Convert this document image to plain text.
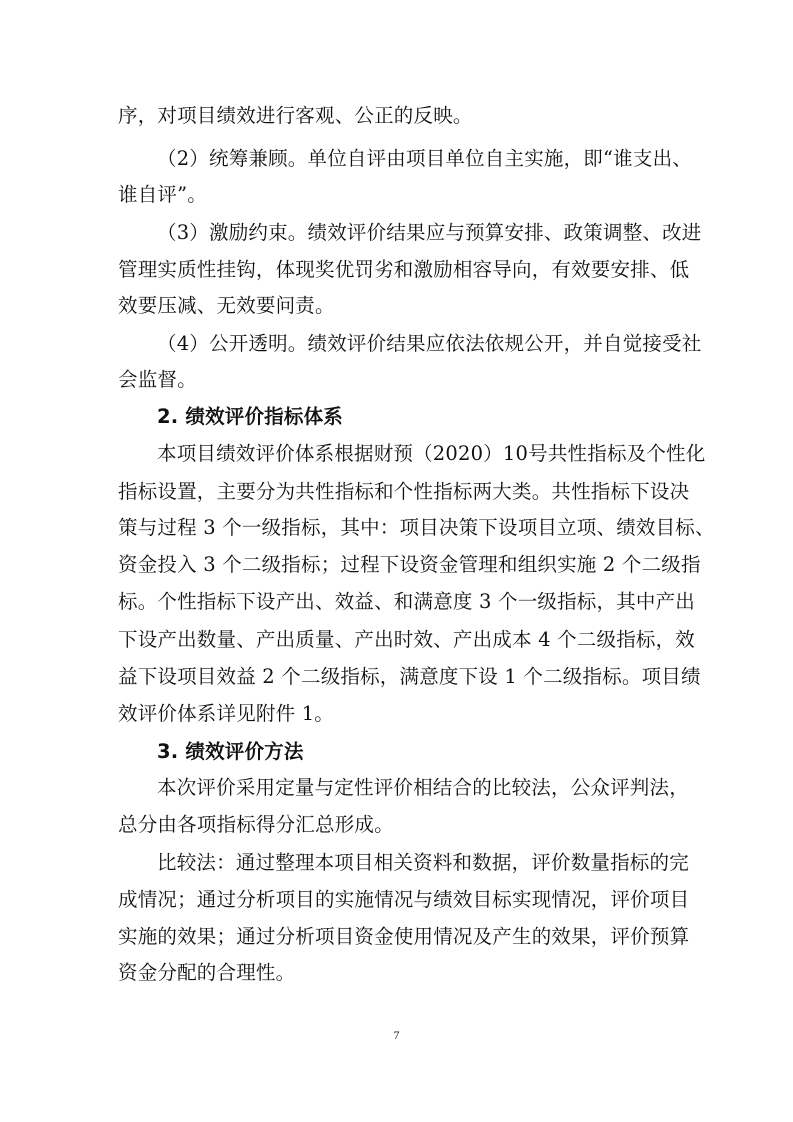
序，对项目绩效进行客观、公正的反映。
（2）统筹兼顾。单位自评由项目单位自主实施，即“谁支出、
谁自评”。
（3）激励约束。绩效评价结果应与预算安排、政策调整、改进
管理实质性挂钩，体现奖优罚劣和激励相容导向，有效要安排、低
效要压减、无效要问责。
（4）公开透明。绩效评价结果应依法依规公开，并自觉接受社
会监督。
2. 绩效评价指标体系
本项目绩效评价体系根据财预（2020）10号共性指标及个性化
指标设置，主要分为共性指标和个性指标两大类。共性指标下设决
策与过程 3 个一级指标，其中：项目决策下设项目立项、绩效目标、
资金投入 3 个二级指标；过程下设资金管理和组织实施 2 个二级指
标。个性指标下设产出、效益、和满意度 3 个一级指标，其中产出
下设产出数量、产出质量、产出时效、产出成本 4 个二级指标，效
益下设项目效益 2 个二级指标，满意度下设 1 个二级指标。项目绩
效评价体系详见附件 1。
3. 绩效评价方法
本次评价采用定量与定性评价相结合的比较法，公众评判法，
总分由各项指标得分汇总形成。
比较法：通过整理本项目相关资料和数据，评价数量指标的完
成情况；通过分析项目的实施情况与绩效目标实现情况，评价项目
实施的效果；通过分析项目资金使用情况及产生的效果，评价预算
资金分配的合理性。
7
